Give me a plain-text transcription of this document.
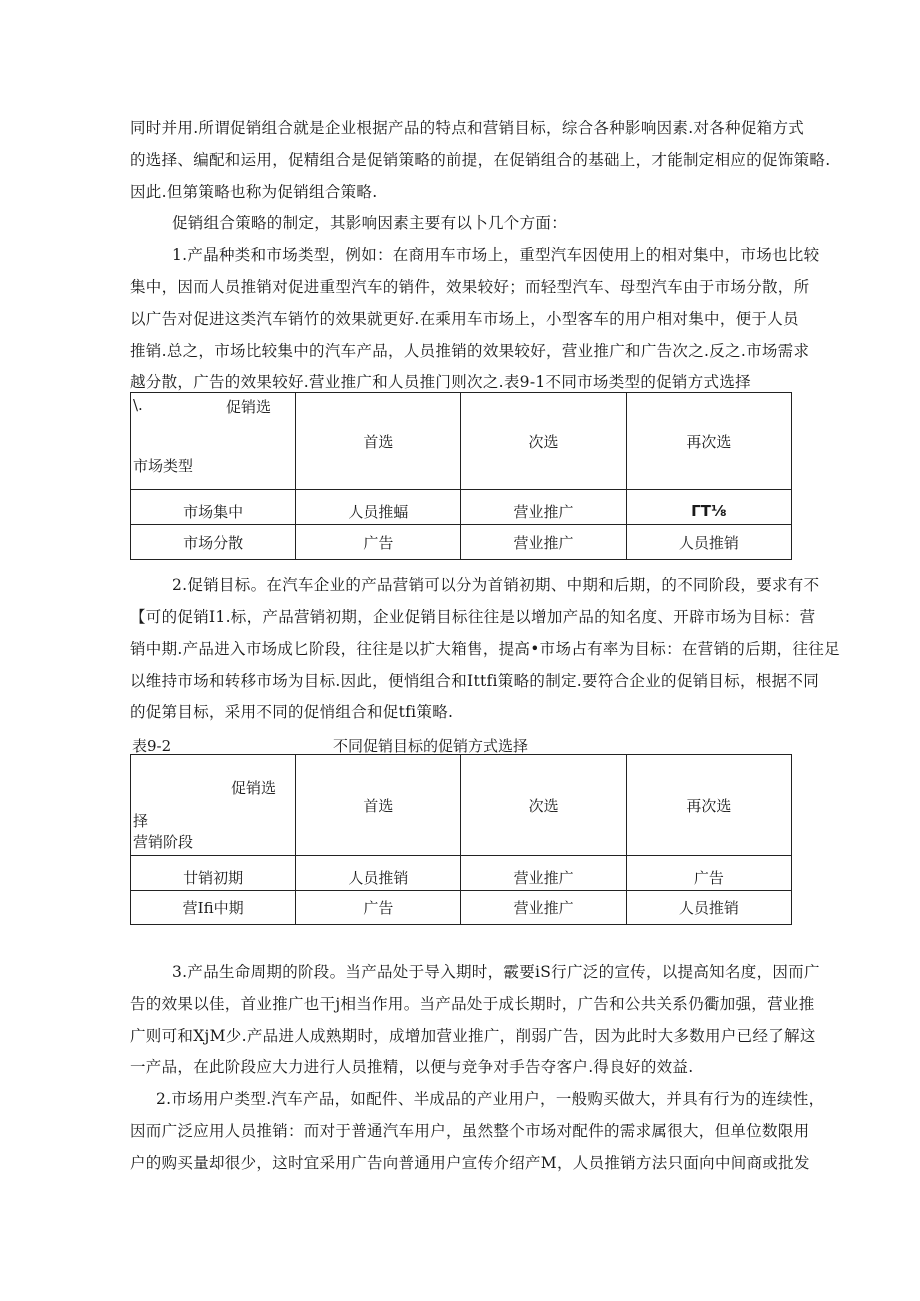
同时并用.所谓促销组合就是企业根据产品的特点和营销目标，综合各种影响因素.对各种促箱方式
的选择、编配和运用，促精组合是促销策略的前提，在促销组合的基础上，才能制定相应的促饰策略.
因此.但第策略也称为促销组合策略.
促销组合策略的制定，其影响因素主要有以卜几个方面：
1.产晶种类和市场类型，例如：在商用车市场上，重型汽车因使用上的相对集中，市场也比较
集中，因而人员推销对促进重型汽车的销件，效果较好；而轻型汽车、母型汽车由于市场分散，所
以广告对促进这类汽车销竹的效果就更好.在乘用车市场上，小型客车的用户相对集中，便于人员
推销.总之，市场比较集中的汽车产品，人员推销的效果较好，营业推广和广告次之.反之.市场需求
越分散，广告的效果较好.营业推广和人员推门则次之.表9-1不同市场类型的促销方式选择
\. 促销选
市场类型	首选	次选	再次选
市场集中	人员推蝠	营业推广	ΓT⅛
市场分散	广告	营业推广	人员推销
2.促销目标。在汽车企业的产品营销可以分为首销初期、中期和后期，的不同阶段，要求有不
【可的促销I1.标，产品营销初期，企业促销目标往往是以增加产品的知名度、开辟市场为目标：营
销中期.产品进入市场成匕阶段，往往是以扩大箱售，提高•市场占有率为目标：在营销的后期，往往足
以维持市场和转移市场为目标.因此，便悄组合和Ittfi策略的制定.要符合企业的促销目标，根据不同
的促第目标，采用不同的促悄组合和促tfi策略.
表9-2	不同促销目标的促销方式选择
促销选
择
营销阶段	首选	次选	再次选
廿销初期	人员推销	营业推广	广告
营Ifi中期	广告	营业推广	人员推销
3.产品生命周期的阶段。当产品处于导入期时，霰要iS行广泛的宣传，以提高知名度，因而广
告的效果以佳，首业推广也干j相当作用。当产品处于成长期时，广告和公共关系仍衢加强，营业推
广则可和XjM少.产品进人成熟期时，成增加营业推广，削弱广告，因为此时大多数用户已经了解这
一产品，在此阶段应大力进行人员推精，以便与竞争对手告夺客户.得良好的效益.
2.市场用户类型.汽车产品，如配件、半成品的产业用户，一般购买做大，并具有行为的连续性，
因而广泛应用人员推销：而对于普通汽车用户，虽然整个市场对配件的需求属很大，但单位数限用
户的购买量却很少，这时宜采用广告向普通用户宣传介绍产M，人员推销方法只面向中间商或批发
